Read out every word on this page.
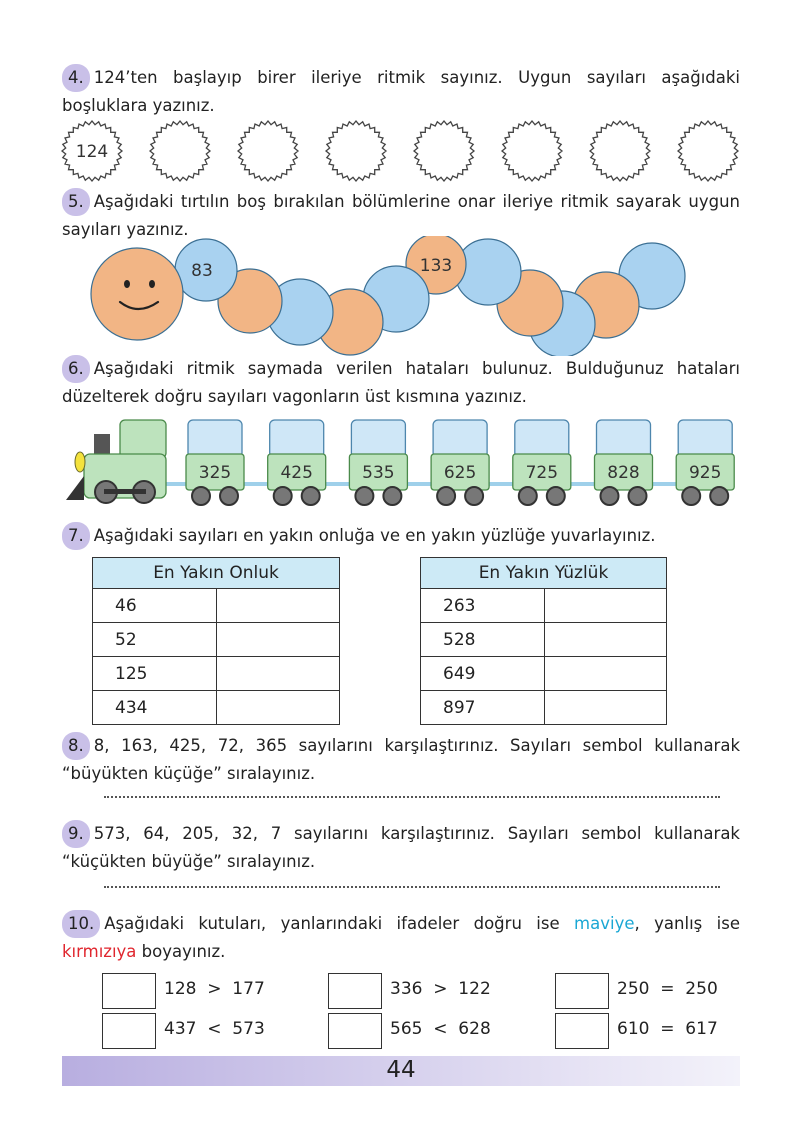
4. 124’ten başlayıp birer ileriye ritmik sayınız. Uygun sayıları aşağıdaki boşluklara yazınız.
124
5. Aşağıdaki tırtılın boş bırakılan bölümlerine onar ileriye ritmik sayarak uygun sayıları yazınız.
83	133
6. Aşağıdaki ritmik saymada verilen hataları bulunuz. Bulduğunuz hataları düzelterek doğru sayıları vagonların üst kısmına yazınız.
325	425	535	625	725	828	925
7. Aşağıdaki sayıları en yakın onluğa ve en yakın yüzlüğe yuvarlayınız.
En Yakın Onluk	
46	
52	
125	
434	
En Yakın Yüzlük	
263	
528	
649	
897	
8. 8, 163, 425, 72, 365 sayılarını karşılaştırınız. Sayıları sembol kullanarak “büyükten küçüğe” sıralayınız.
9. 573, 64, 205, 32, 7 sayılarını karşılaştırınız. Sayıları sembol kullanarak “küçükten büyüğe” sıralayınız.
10. Aşağıdaki kutuları, yanlarındaki ifadeler doğru ise maviye, yanlış ise kırmızıya boyayınız.
128  >  177	336  >  122	250  =  250
437  <  573	565  <  628	610  =  617
44
